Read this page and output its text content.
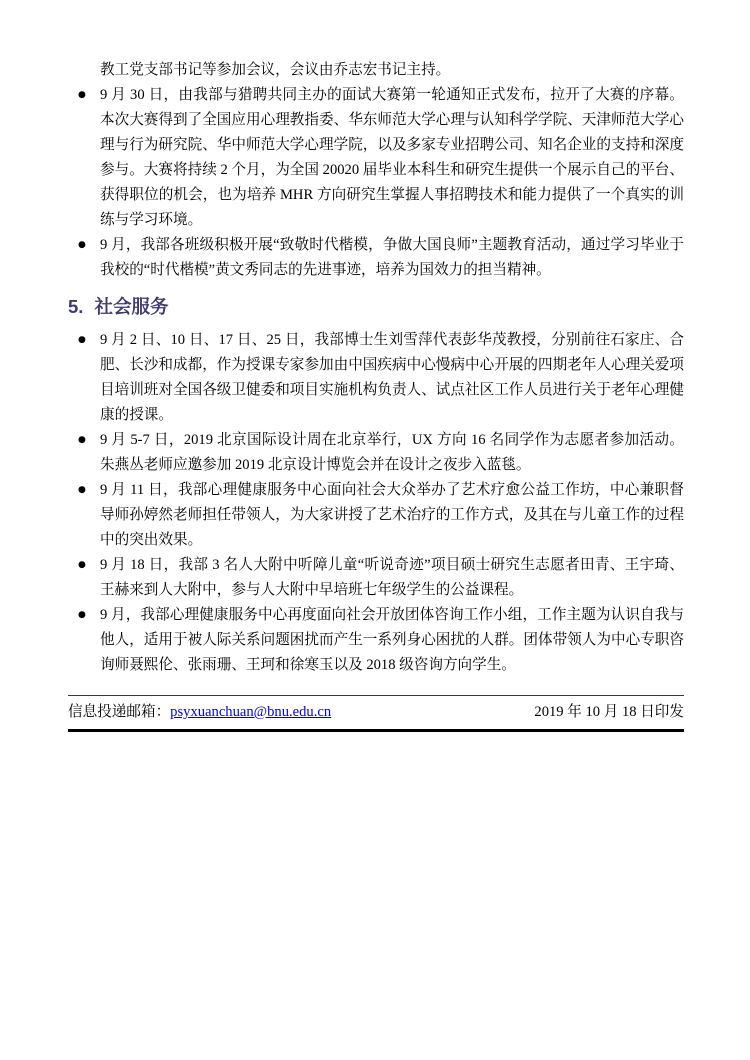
教工党支部书记等参加会议，会议由乔志宏书记主持。

● 9 月 30 日，由我部与猎聘共同主办的面试大赛第一轮通知正式发布，拉开了大赛的序幕。本次大赛得到了全国应用心理教指委、华东师范大学心理与认知科学学院、天津师范大学心理与行为研究院、华中师范大学心理学院，以及多家专业招聘公司、知名企业的支持和深度参与。大赛将持续 2 个月，为全国 20020 届毕业本科生和研究生提供一个展示自己的平台、获得职位的机会，也为培养 MHR 方向研究生掌握人事招聘技术和能力提供了一个真实的训练与学习环境。
● 9 月，我部各班级积极开展“致敬时代楷模，争做大国良师”主题教育活动，通过学习毕业于我校的“时代楷模”黄文秀同志的先进事迹，培养为国效力的担当精神。
5. 社会服务
● 9 月 2 日、10 日、17 日、25 日，我部博士生刘雪萍代表彭华茂教授，分别前往石家庄、合肥、长沙和成都，作为授课专家参加由中国疾病中心慢病中心开展的四期老年人心理关爱项目培训班对全国各级卫健委和项目实施机构负责人、试点社区工作人员进行关于老年心理健康的授课。
● 9 月 5-7 日，2019 北京国际设计周在北京举行，UX 方向 16 名同学作为志愿者参加活动。朱燕丛老师应邀参加 2019 北京设计博览会并在设计之夜步入蓝毯。
● 9 月 11 日，我部心理健康服务中心面向社会大众举办了艺术疗愈公益工作坊，中心兼职督导师孙婷然老师担任带领人，为大家讲授了艺术治疗的工作方式，及其在与儿童工作的过程中的突出效果。
● 9 月 18 日，我部 3 名人大附中听障儿童“听说奇迹”项目硕士研究生志愿者田青、王宇琦、王赫来到人大附中，参与人大附中早培班七年级学生的公益课程。
● 9 月，我部心理健康服务中心再度面向社会开放团体咨询工作小组，工作主题为认识自我与他人，适用于被人际关系问题困扰而产生一系列身心困扰的人群。团体带领人为中心专职咨询师聂熙伦、张雨珊、王珂和徐寒玉以及 2018 级咨询方向学生。
信息投递邮箱：psyxuanchuan@bnu.edu.cn	2019 年 10 月 18 日印发
